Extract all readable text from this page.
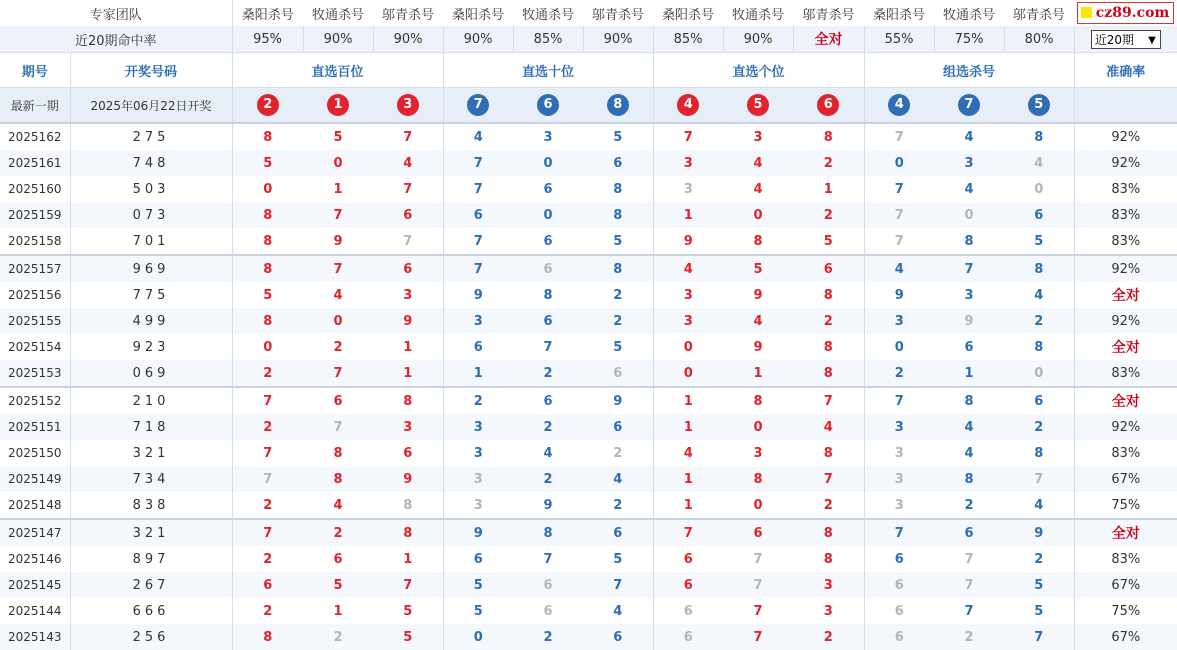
专家团队		桑阳杀号	牧通杀号	邬青杀号	桑阳杀号	牧通杀号	邬青杀号	桑阳杀号	牧通杀号	邬青杀号	桑阳杀号	牧通杀号	邬青杀号	cz89.com
近20期命中率		95%	90%	90%	90%	85%	90%	85%	90%	全对	55%	75%	80%	近20期 ▼

期号	开奖号码	直选百位			直选十位			直选个位			组选杀号			准确率
最新一期	2025年06月22日开奖	2	1	3	7	6	8	4	5	6	4	7	5	
2025162	275	8	5	7	4	3	5	7	3	8	7	4	8	92%
2025161	748	5	0	4	7	0	6	3	4	2	0	3	4	92%
2025160	503	0	1	7	7	6	8	3	4	1	7	4	0	83%
2025159	073	8	7	6	6	0	8	1	0	2	7	0	6	83%
2025158	701	8	9	7	7	6	5	9	8	5	7	8	5	83%
2025157	969	8	7	6	7	6	8	4	5	6	4	7	8	92%
2025156	775	5	4	3	9	8	2	3	9	8	9	3	4	全对
2025155	499	8	0	9	3	6	2	3	4	2	3	9	2	92%
2025154	923	0	2	1	6	7	5	0	9	8	0	6	8	全对
2025153	069	2	7	1	1	2	6	0	1	8	2	1	0	83%
2025152	210	7	6	8	2	6	9	1	8	7	7	8	6	全对
2025151	718	2	7	3	3	2	6	1	0	4	3	4	2	92%
2025150	321	7	8	6	3	4	2	4	3	8	3	4	8	83%
2025149	734	7	8	9	3	2	4	1	8	7	3	8	7	67%
2025148	838	2	4	8	3	9	2	1	0	2	3	2	4	75%
2025147	321	7	2	8	9	8	6	7	6	8	7	6	9	全对
2025146	897	2	6	1	6	7	5	6	7	8	6	7	2	83%
2025145	267	6	5	7	5	6	7	6	7	3	6	7	5	67%
2025144	666	2	1	5	5	6	4	6	7	3	6	7	5	75%
2025143	256	8	2	5	0	2	6	6	7	2	6	2	7	67%
